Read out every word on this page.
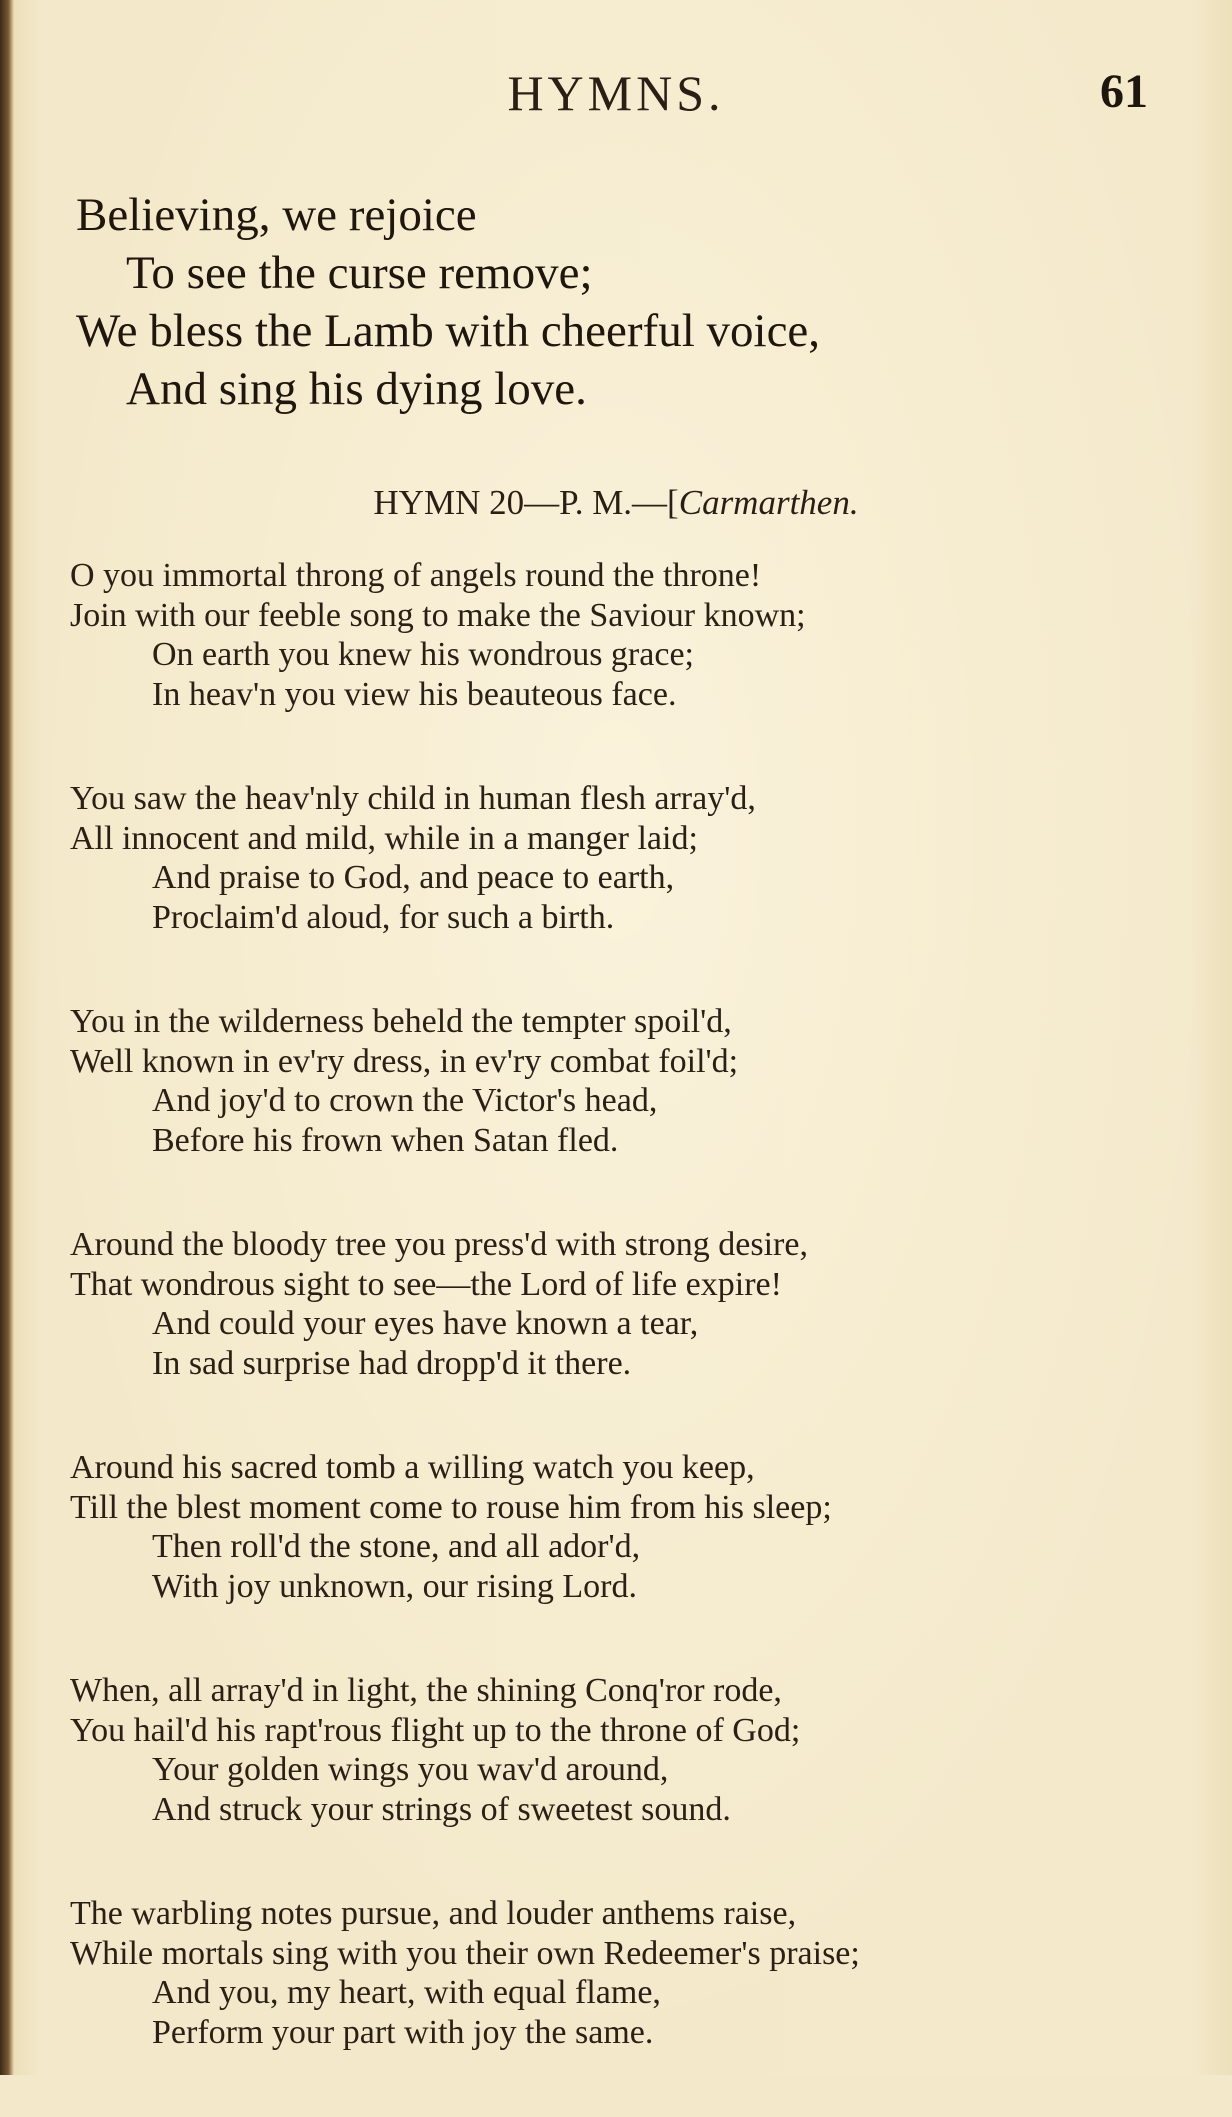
HYMNS.	61
Believing, we rejoice
To see the curse remove;
We bless the Lamb with cheerful voice,
And sing his dying love.
HYMN 20—P. M.—[Carmarthen.
O you immortal throng of angels round the throne!
Join with our feeble song to make the Saviour known;
On earth you knew his wondrous grace;
In heav'n you view his beauteous face.
You saw the heav'nly child in human flesh array'd,
All innocent and mild, while in a manger laid;
And praise to God, and peace to earth,
Proclaim'd aloud, for such a birth.
You in the wilderness beheld the tempter spoil'd,
Well known in ev'ry dress, in ev'ry combat foil'd;
And joy'd to crown the Victor's head,
Before his frown when Satan fled.
Around the bloody tree you press'd with strong desire,
That wondrous sight to see—the Lord of life expire!
And could your eyes have known a tear,
In sad surprise had dropp'd it there.
Around his sacred tomb a willing watch you keep,
Till the blest moment come to rouse him from his sleep;
Then roll'd the stone, and all ador'd,
With joy unknown, our rising Lord.
When, all array'd in light, the shining Conq'ror rode,
You hail'd his rapt'rous flight up to the throne of God;
Your golden wings you wav'd around,
And struck your strings of sweetest sound.
The warbling notes pursue, and louder anthems raise,
While mortals sing with you their own Redeemer's praise;
And you, my heart, with equal flame,
Perform your part with joy the same.
